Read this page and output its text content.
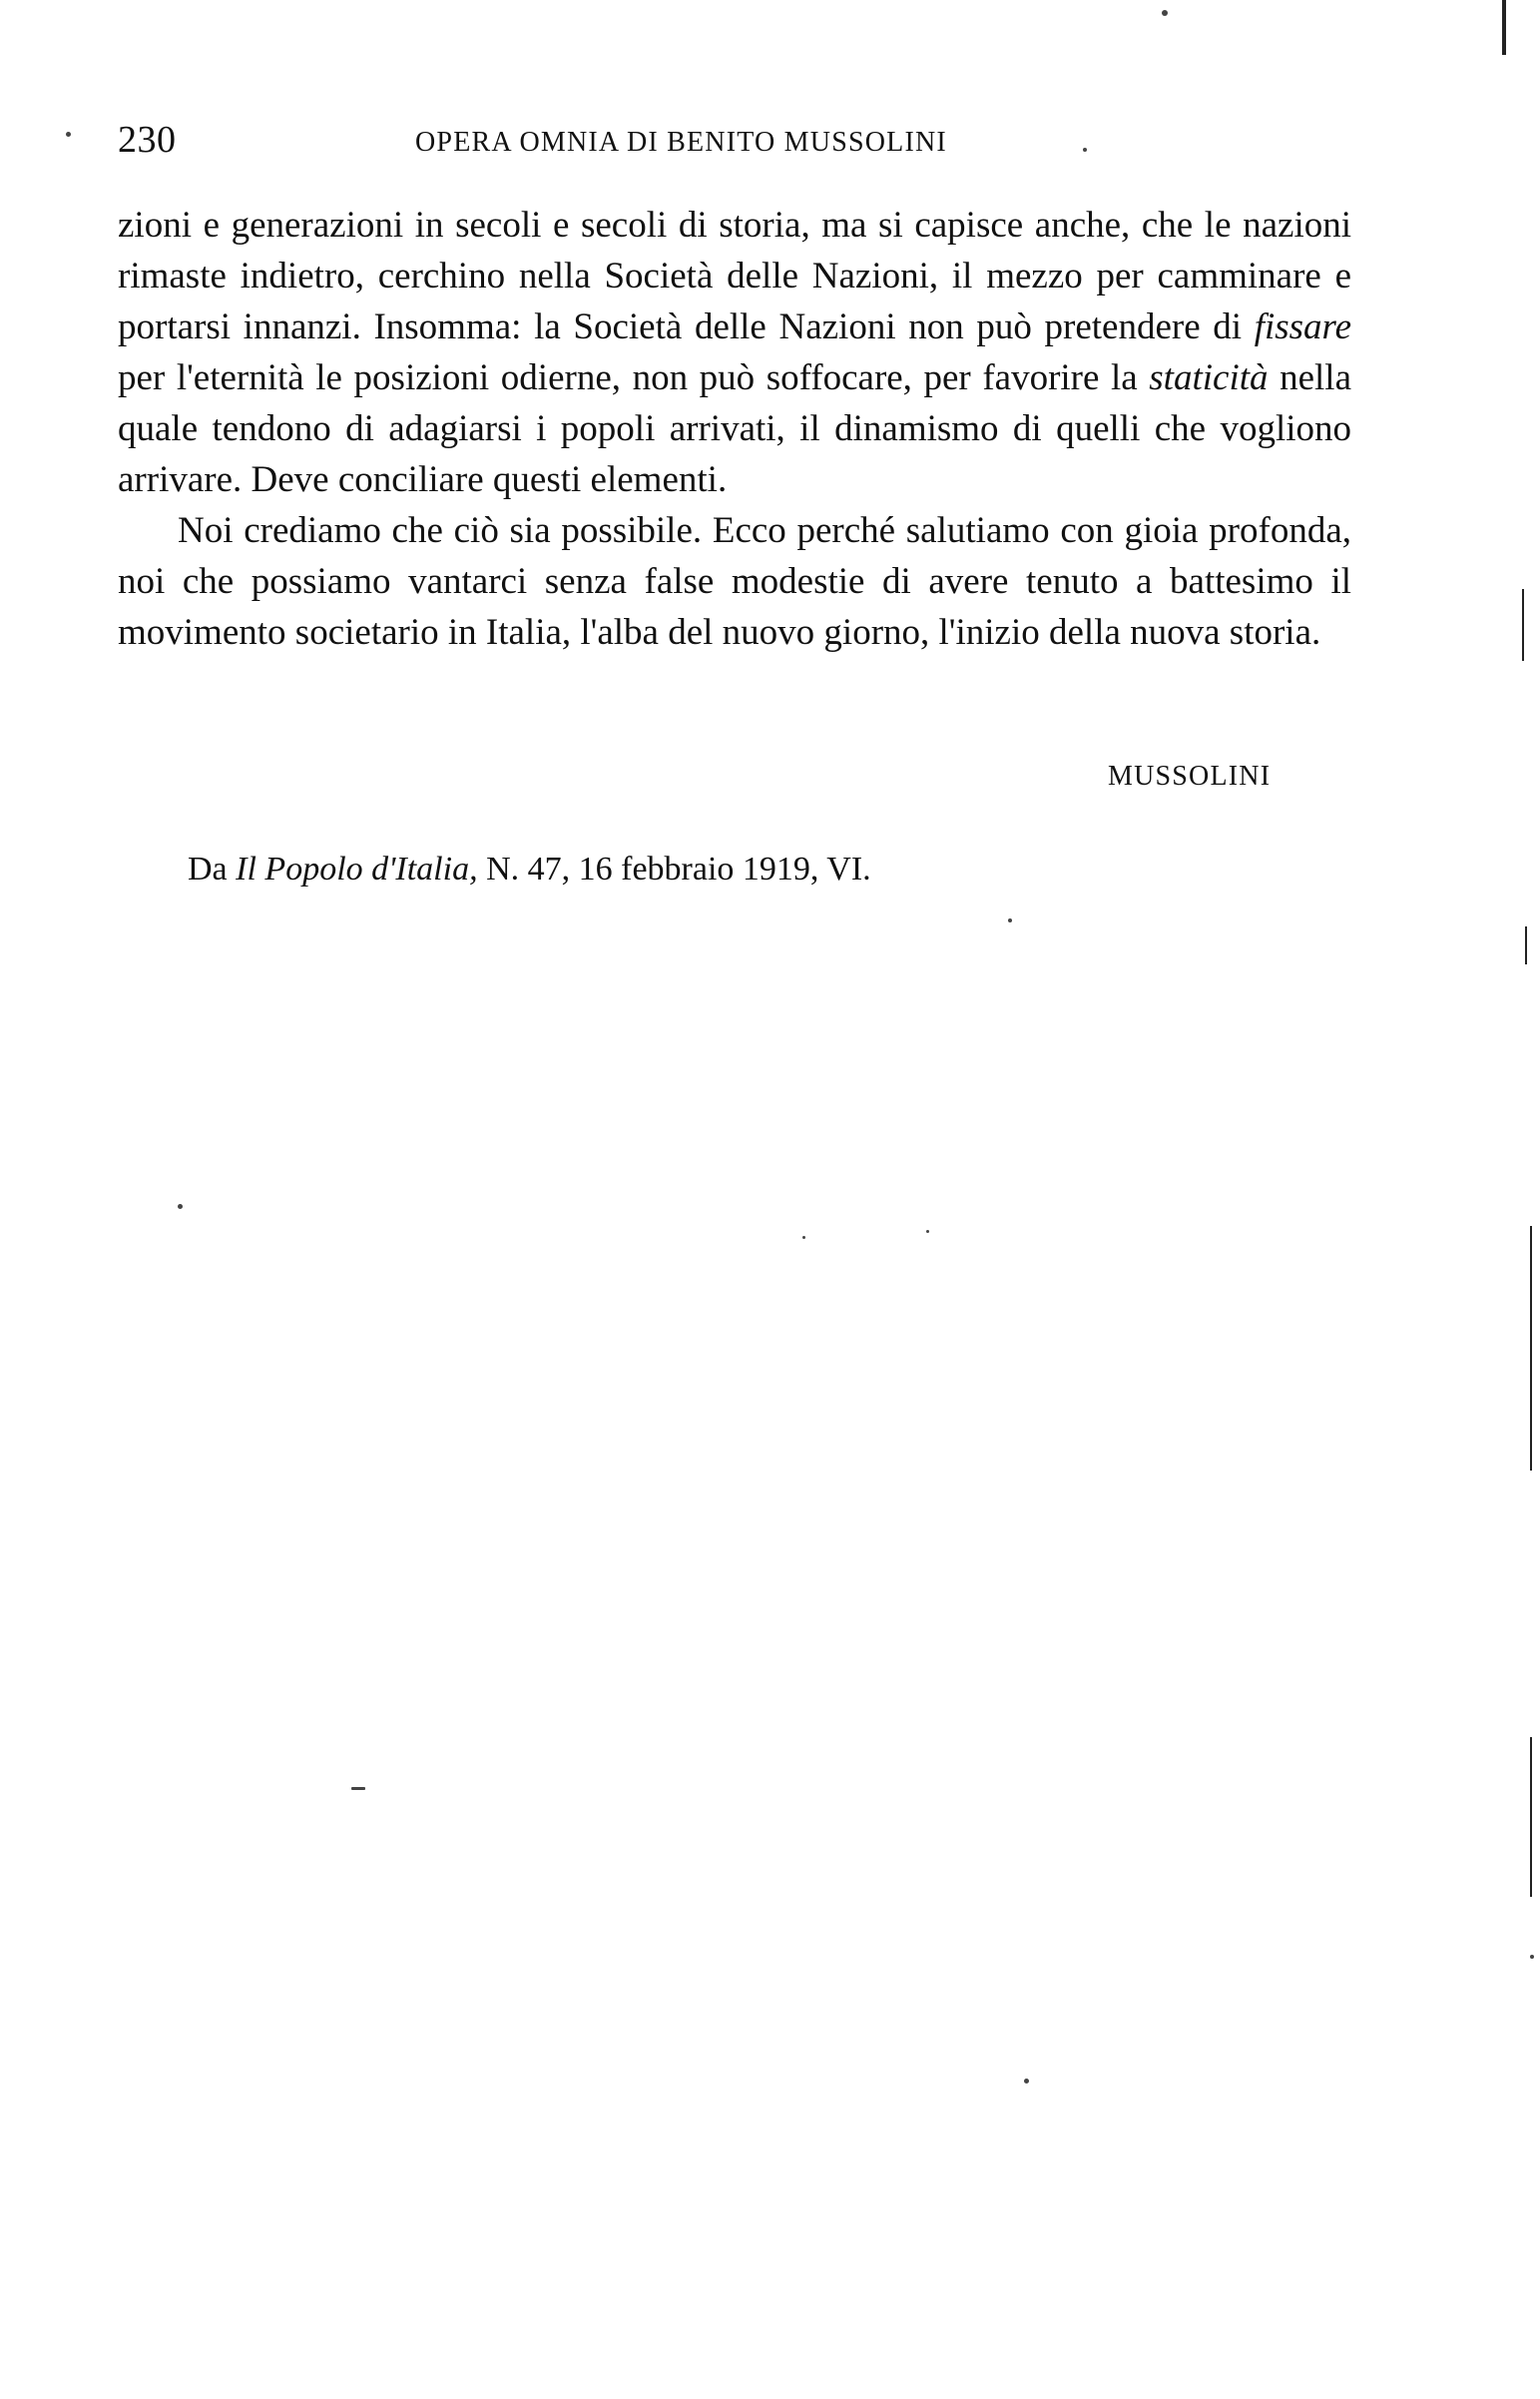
230	OPERA OMNIA DI BENITO MUSSOLINI

zioni e generazioni in secoli e secoli di storia, ma si capisce anche, che le nazioni rimaste indietro, cerchino nella Società delle Nazioni, il mezzo per camminare e portarsi innanzi. Insomma: la Società delle Nazioni non può pretendere di fissare per l'eternità le posizioni odierne, non può soffocare, per favorire la staticità nella quale tendono di adagiarsi i popoli arrivati, il dinamismo di quelli che vogliono arrivare. Deve conciliare questi elementi.

Noi crediamo che ciò sia possibile. Ecco perché salutiamo con gioia profonda, noi che possiamo vantarci senza false modestie di avere tenuto a battesimo il movimento societario in Italia, l'alba del nuovo giorno, l'inizio della nuova storia.

MUSSOLINI
Da Il Popolo d'Italia, N. 47, 16 febbraio 1919, VI.
